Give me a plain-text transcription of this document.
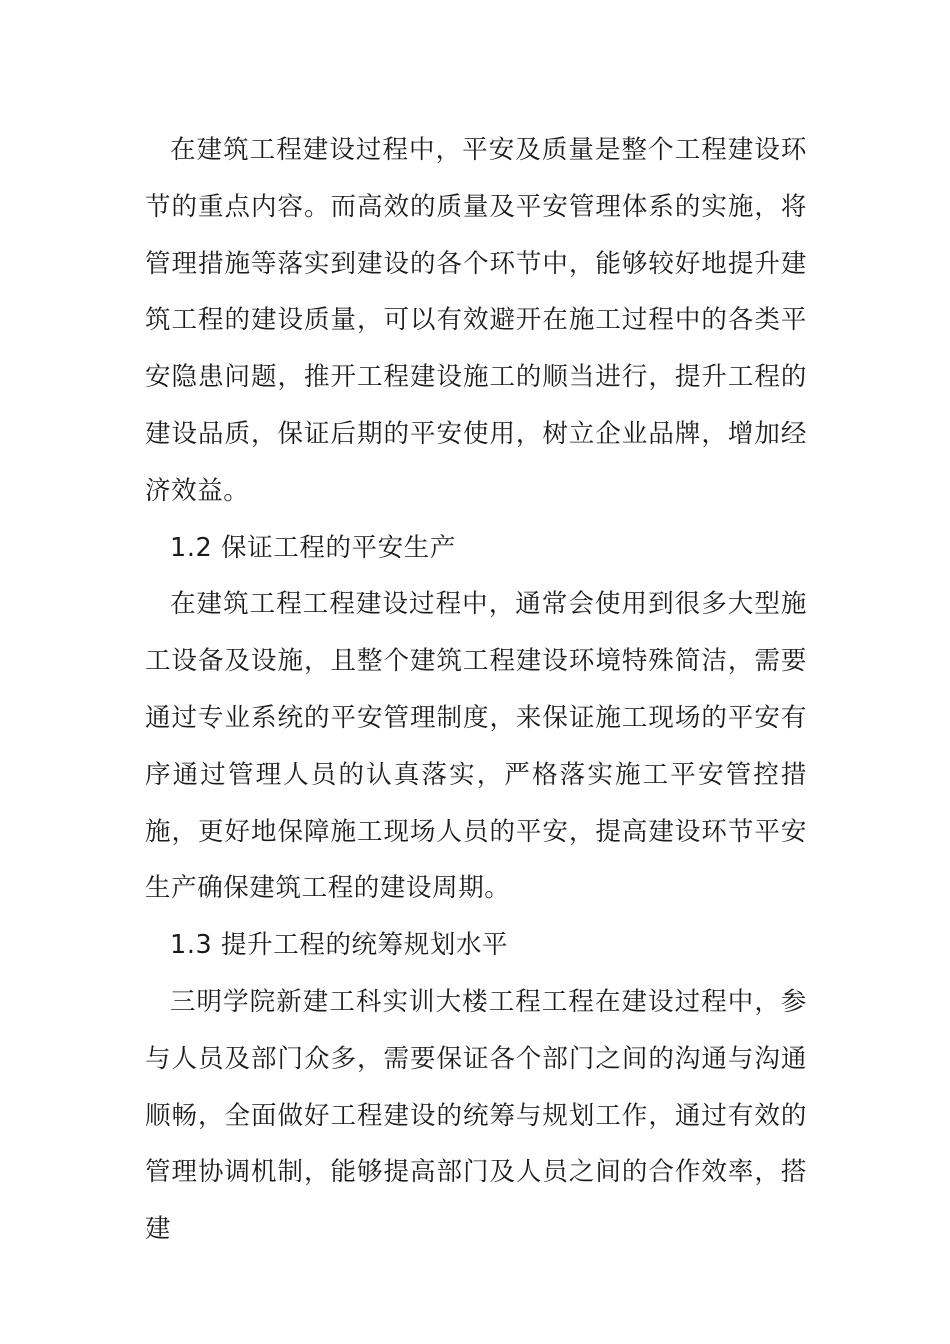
在建筑工程建设过程中，平安及质量是整个工程建设环节的重点内容。而高效的质量及平安管理体系的实施，将管理措施等落实到建设的各个环节中，能够较好地提升建筑工程的建设质量，可以有效避开在施工过程中的各类平安隐患问题，推开工程建设施工的顺当进行，提升工程的建设品质，保证后期的平安使用，树立企业品牌，增加经济效益。

1.2 保证工程的平安生产

在建筑工程工程建设过程中，通常会使用到很多大型施工设备及设施，且整个建筑工程建设环境特殊简洁，需要通过专业系统的平安管理制度，来保证施工现场的平安有序通过管理人员的认真落实，严格落实施工平安管控措施，更好地保障施工现场人员的平安，提高建设环节平安生产确保建筑工程的建设周期。

1.3 提升工程的统筹规划水平

三明学院新建工科实训大楼工程工程在建设过程中，参与人员及部门众多，需要保证各个部门之间的沟通与沟通顺畅，全面做好工程建设的统筹与规划工作，通过有效的管理协调机制，能够提高部门及人员之间的合作效率，搭建
